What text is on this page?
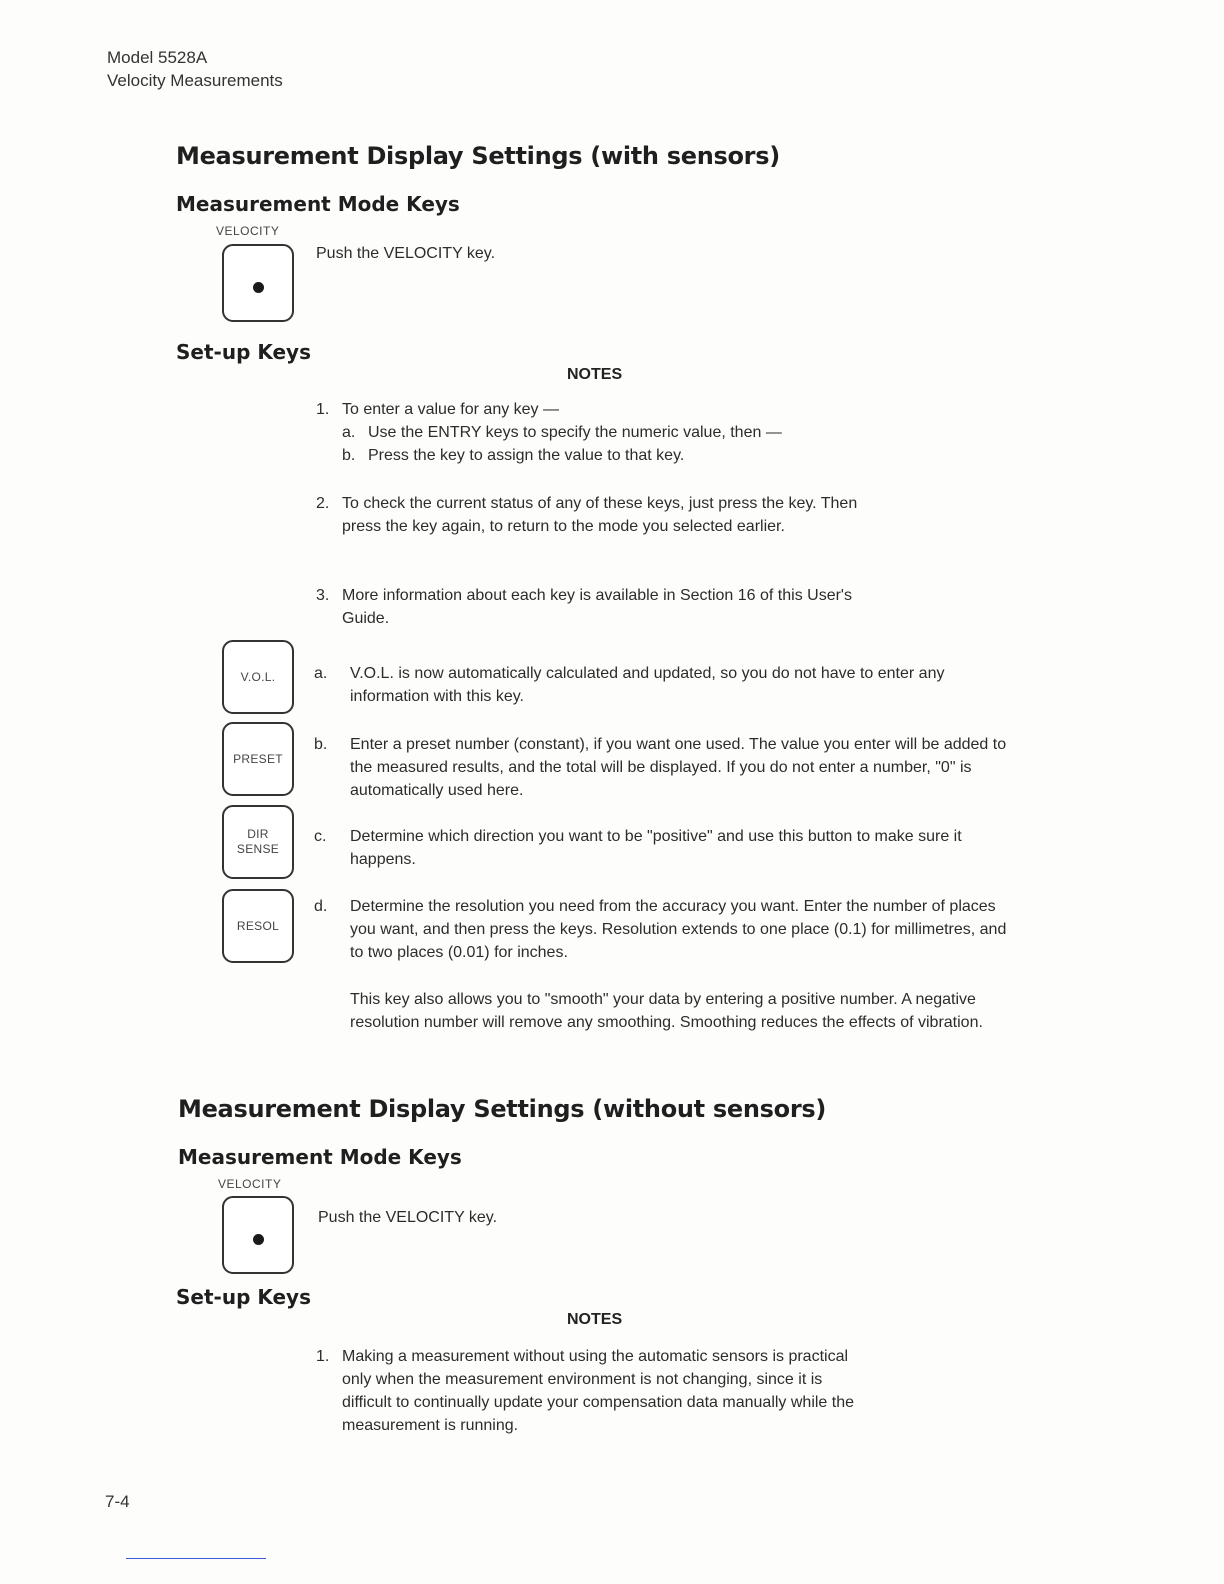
Model 5528A
Velocity Measurements
Measurement Display Settings (with sensors)
Measurement Mode Keys
VELOCITY
Push the VELOCITY key.
Set-up Keys
NOTES
1. To enter a value for any key —
a. Use the ENTRY keys to specify the numeric value, then —
b. Press the key to assign the value to that key.
2. To check the current status of any of these keys, just press the key. Then press the key again, to return to the mode you selected earlier.
3. More information about each key is available in Section 16 of this User's Guide.
V.O.L. a.	V.O.L. is now automatically calculated and updated, so you do not have to enter any information with this key.
PRESET
b.	Enter a preset number (constant), if you want one used. The value you enter will be added to the measured results, and the total will be displayed. If you do not enter a number, "0" is automatically used here.
DIR
SENSE
c.	Determine which direction you want to be "positive" and use this button to make sure it happens.
RESOL
d.	Determine the resolution you need from the accuracy you want. Enter the number of places you want, and then press the keys. Resolution extends to one place (0.1) for millimetres, and to two places (0.01) for inches.
This key also allows you to "smooth" your data by entering a positive number. A negative resolution number will remove any smoothing. Smoothing reduces the effects of vibration.
Measurement Display Settings (without sensors)
Measurement Mode Keys
VELOCITY
Push the VELOCITY key.
Set-up Keys
NOTES
1. Making a measurement without using the automatic sensors is practical only when the measurement environment is not changing, since it is difficult to continually update your compensation data manually while the measurement is running.
7-4
